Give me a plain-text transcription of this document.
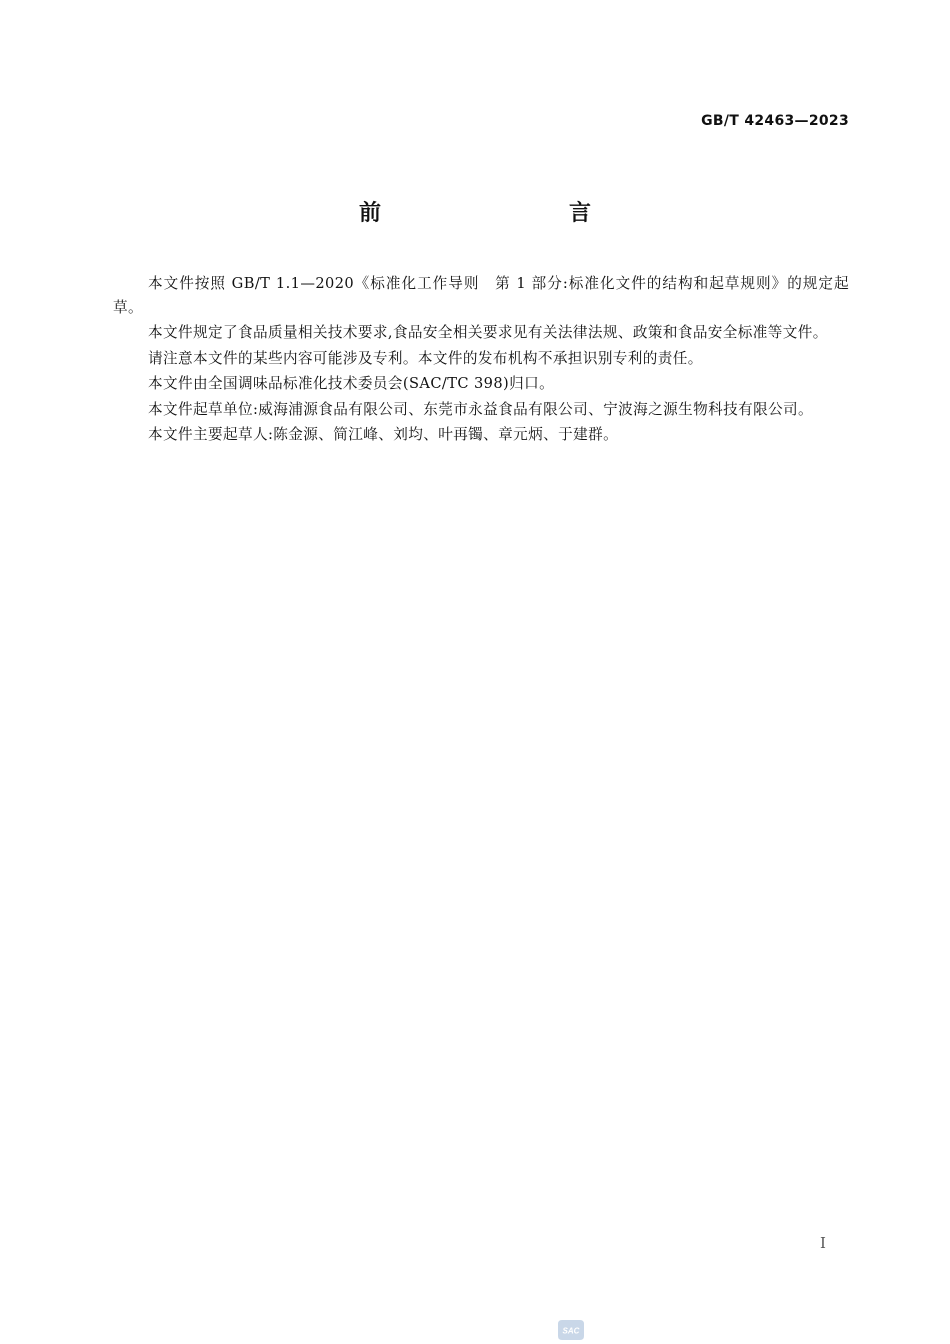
GB/T 42463—2023
前　　言

本文件按照 GB/T 1.1—2020《标准化工作导则　第 1 部分:标准化文件的结构和起草规则》的规定起草。

本文件规定了食品质量相关技术要求,食品安全相关要求见有关法律法规、政策和食品安全标准等文件。

请注意本文件的某些内容可能涉及专利。本文件的发布机构不承担识别专利的责任。

本文件由全国调味品标准化技术委员会(SAC/TC 398)归口。

本文件起草单位:威海浦源食品有限公司、东莞市永益食品有限公司、宁波海之源生物科技有限公司。

本文件主要起草人:陈金源、简江峰、刘均、叶再镯、章元炳、于建群。

I
SAC
